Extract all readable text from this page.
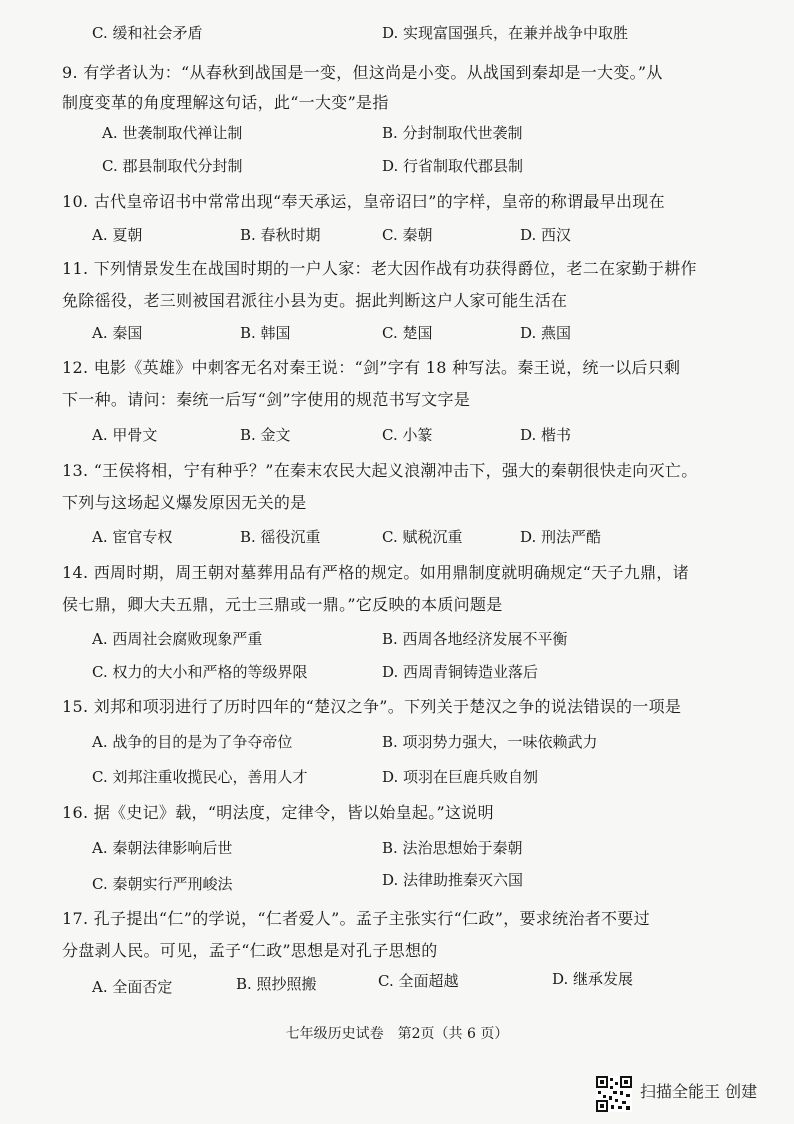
C. 缓和社会矛盾	D. 实现富国强兵，在兼并战争中取胜
9. 有学者认为：“从春秋到战国是一变，但这尚是小变。从战国到秦却是一大变。”从
制度变革的角度理解这句话，此“一大变”是指
A. 世袭制取代禅让制	B. 分封制取代世袭制
C. 郡县制取代分封制	D. 行省制取代郡县制
10. 古代皇帝诏书中常常出现“奉天承运，皇帝诏曰”的字样，皇帝的称谓最早出现在
A. 夏朝	B. 春秋时期	C. 秦朝	D. 西汉
11. 下列情景发生在战国时期的一户人家：老大因作战有功获得爵位，老二在家勤于耕作
免除徭役，老三则被国君派往小县为吏。据此判断这户人家可能生活在
A. 秦国	B. 韩国	C. 楚国	D. 燕国
12. 电影《英雄》中刺客无名对秦王说：“剑”字有 18 种写法。秦王说，统一以后只剩
下一种。请问：秦统一后写“剑”字使用的规范书写文字是
A. 甲骨文	B. 金文	C. 小篆	D. 楷书
13. “王侯将相，宁有种乎？”在秦末农民大起义浪潮冲击下，强大的秦朝很快走向灭亡。
下列与这场起义爆发原因无关的是
A. 宦官专权	B. 徭役沉重	C. 赋税沉重	D. 刑法严酷
14. 西周时期，周王朝对墓葬用品有严格的规定。如用鼎制度就明确规定“天子九鼎，诸
侯七鼎，卿大夫五鼎，元士三鼎或一鼎。”它反映的本质问题是
A. 西周社会腐败现象严重	B. 西周各地经济发展不平衡
C. 权力的大小和严格的等级界限	D. 西周青铜铸造业落后
15. 刘邦和项羽进行了历时四年的“楚汉之争”。下列关于楚汉之争的说法错误的一项是
A. 战争的目的是为了争夺帝位	B. 项羽势力强大，一味依赖武力
C. 刘邦注重收揽民心，善用人才	D. 项羽在巨鹿兵败自刎
16. 据《史记》载，“明法度，定律令，皆以始皇起。”这说明
A. 秦朝法律影响后世	B. 法治思想始于秦朝
C. 秦朝实行严刑峻法	D. 法律助推秦灭六国
17. 孔子提出“仁”的学说，“仁者爱人”。孟子主张实行“仁政”，要求统治者不要过
分盘剥人民。可见，孟子“仁政”思想是对孔子思想的
A. 全面否定	B. 照抄照搬	C. 全面超越	D. 继承发展
七年级历史试卷　第2页（共 6 页）
扫描全能王 创建
